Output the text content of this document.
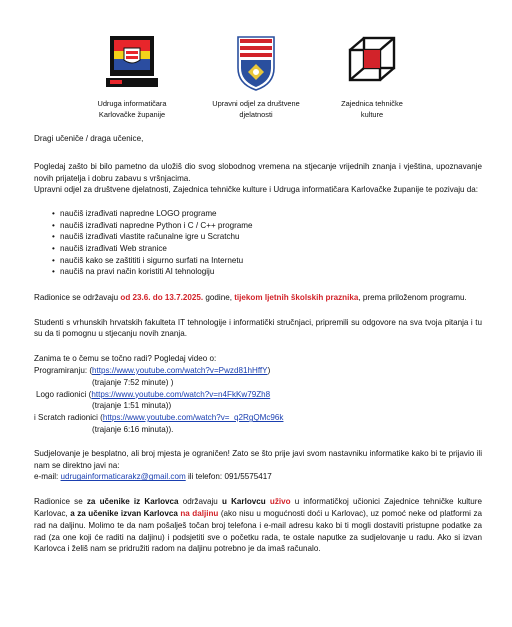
Udruga informatičara
Karlovačke županije
Upravni odjel za društvene
djelatnosti
Zajednica tehničke
kulture

Dragi učeniče / draga učenice,

Pogledaj zašto bi bilo pametno da uložiš dio svog slobodnog vremena na stjecanje vrijednih znanja i vještina, upoznavanje novih prijatelja i dobru zabavu s vršnjacima.

Upravni odjel za društvene djelatnosti, Zajednica tehničke kulture i Udruga informatičara Karlovačke županije te pozivaju da:

• naučiš izrađivati napredne LOGO programe
• naučiš izrađivati napredne Python i C / C++ programe
• naučiš izrađivati vlastite računalne igre u Scratchu
• naučiš izrađivati Web stranice
• naučiš kako se zaštititi i sigurno surfati na Internetu
• naučiš na pravi način koristiti AI tehnologiju

Radionice se održavaju od 23.6. do 13.7.2025. godine, tijekom ljetnih školskih praznika, prema priloženom programu.

Studenti s vrhunskih hrvatskih fakulteta IT tehnologije i informatički stručnjaci, pripremili su odgovore na sva tvoja pitanja i tu su da ti pomognu u stjecanju novih znanja.

Zanima te o čemu se točno radi? Pogledaj video o:

Programiranju: (https://www.youtube.com/watch?v=Pwzd81hHffY)

(trajanje 7:52 minute) )

Logo radionici (https://www.youtube.com/watch?v=n4FkKw79Zh8

(trajanje 1:51 minuta))

i Scratch radionici (https://www.youtube.com/watch?v=_q2RgQMc96k

(trajanje 6:16 minuta)).

Sudjelovanje je besplatno, ali broj mjesta je ograničen! Zato se što prije javi svom nastavniku informatike kako bi te prijavio ili nam se direktno javi na:

e-mail: udrugainformaticarakz@gmail.com ili telefon: 091/5575417

Radionice se za učenike iz Karlovca održavaju u Karlovcu uživo u informatičkoj učionici Zajednice tehničke kulture Karlovac, a za učenike izvan Karlovca na daljinu (ako nisu u mogućnosti doći u Karlovac), uz pomoć neke od platformi za rad na daljinu. Molimo te da nam pošalješ točan broj telefona i e-mail adresu kako bi ti mogli dostaviti pristupne podatke za rad (za one koji će raditi na daljinu) i podsjetiti sve o početku rada, te ostale naputke za sudjelovanje u radu. Ako si izvan Karlovca i želiš nam se pridružiti radom na daljinu potrebno je da imaš računalo.
